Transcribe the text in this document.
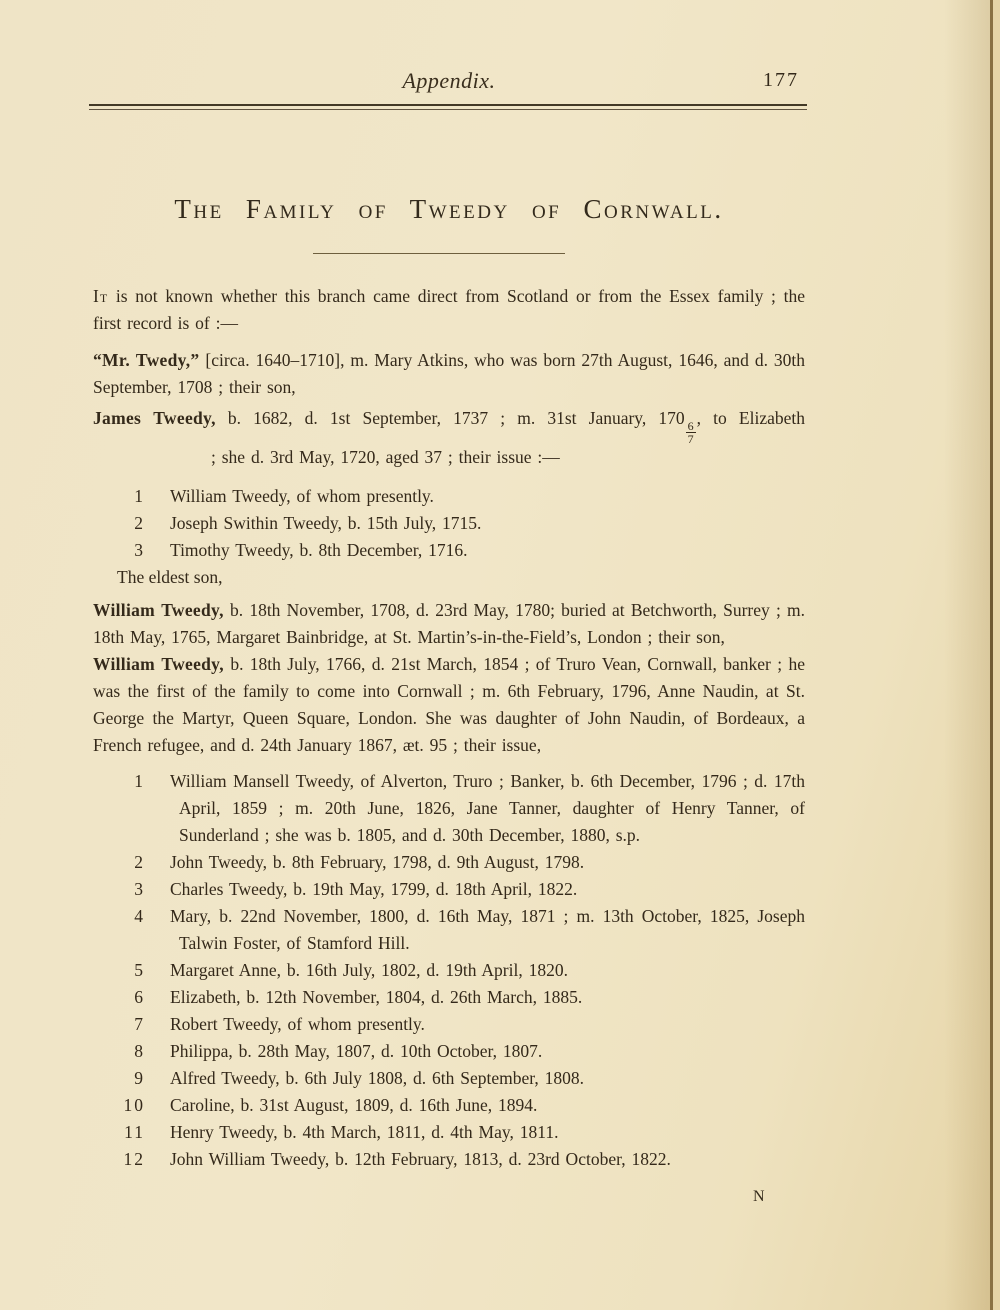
Appendix.	177
The Family of Tweedy of Cornwall.

It is not known whether this branch came direct from Scotland or from the Essex family ; the first record is of :—

“Mr. Twedy,” [circa. 1640–1710], m. Mary Atkins, who was born 27th August, 1646, and d. 30th September, 1708 ; their son,

James Tweedy, b. 1682, d. 1st September, 1737 ; m. 31st January, 170
$\frac{6}{7}$
, to Elizabeth; she d. 3rd May, 1720, aged 37 ; their issue :—

1 William Tweedy, of whom presently.
2 Joseph Swithin Tweedy, b. 15th July, 1715.
3 Timothy Tweedy, b. 8th December, 1716.

The eldest son,

William Tweedy, b. 18th November, 1708, d. 23rd May, 1780; buried at Betchworth, Surrey ; m. 18th May, 1765, Margaret Bainbridge, at St. Martin’s-in-the-Field’s, London ; their son,

William Tweedy, b. 18th July, 1766, d. 21st March, 1854 ; of Truro Vean, Cornwall, banker ; he was the first of the family to come into Cornwall ; m. 6th February, 1796, Anne Naudin, at St. George the Martyr, Queen Square, London. She was daughter of John Naudin, of Bordeaux, a French refugee, and d. 24th January 1867, æt. 95 ; their issue,

1 William Mansell Tweedy, of Alverton, Truro ; Banker, b. 6th December, 1796 ; d. 17th April, 1859 ; m. 20th June, 1826, Jane Tanner, daughter of Henry Tanner, of Sunderland ; she was b. 1805, and d. 30th December, 1880, s.p.
2 John Tweedy, b. 8th February, 1798, d. 9th August, 1798.
3 Charles Tweedy, b. 19th May, 1799, d. 18th April, 1822.
4 Mary, b. 22nd November, 1800, d. 16th May, 1871 ; m. 13th October, 1825, Joseph Talwin Foster, of Stamford Hill.
5 Margaret Anne, b. 16th July, 1802, d. 19th April, 1820.
6 Elizabeth, b. 12th November, 1804, d. 26th March, 1885.
7 Robert Tweedy, of whom presently.
8 Philippa, b. 28th May, 1807, d. 10th October, 1807.
9 Alfred Tweedy, b. 6th July 1808, d. 6th September, 1808.
10 Caroline, b. 31st August, 1809, d. 16th June, 1894.
11 Henry Tweedy, b. 4th March, 1811, d. 4th May, 1811.
12 John William Tweedy, b. 12th February, 1813, d. 23rd October, 1822.
N
